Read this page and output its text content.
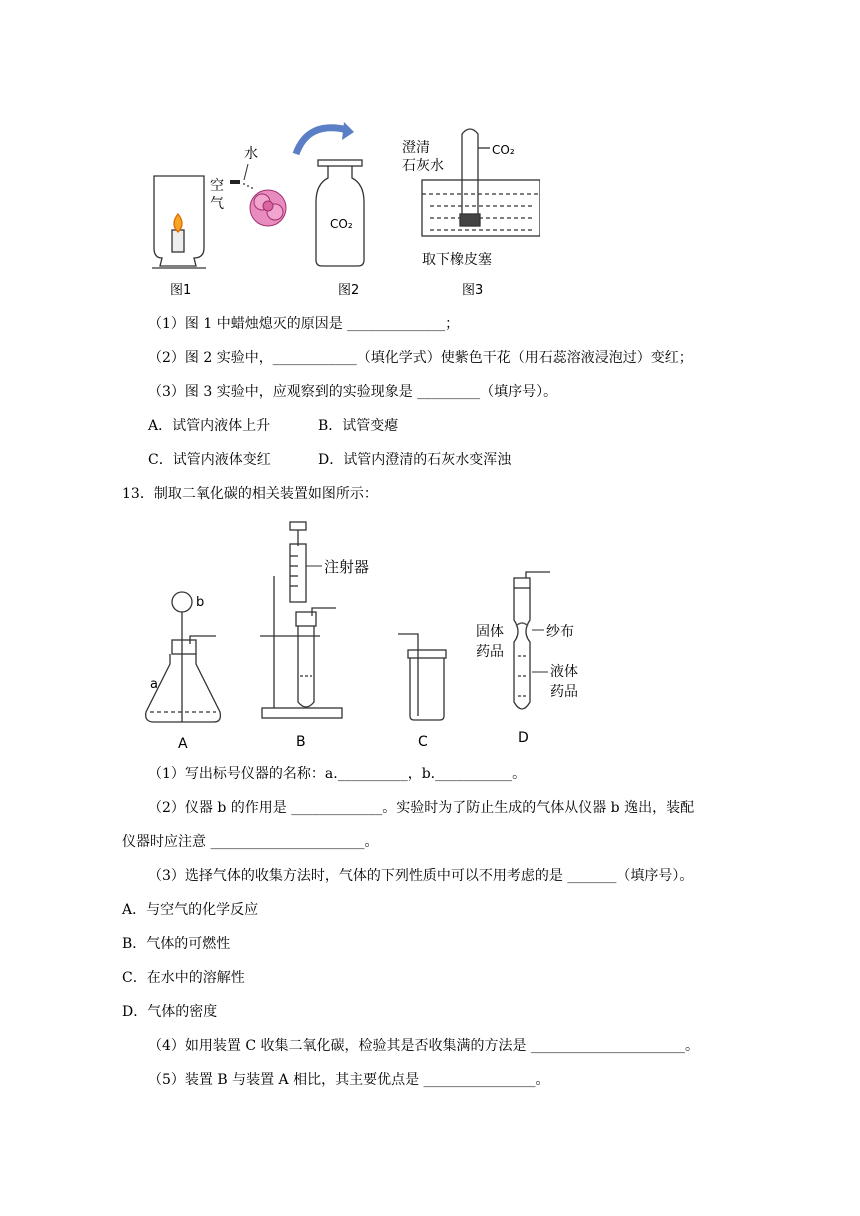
空
气
图1
水
CO₂
图2
澄清
石灰水
CO₂
取下橡皮塞
图3
（1）图 1 中蜡烛熄灭的原因是 ______________；
（2）图 2 实验中，____________（填化学式）使紫色干花（用石蕊溶液浸泡过）变红；
（3）图 3 实验中，应观察到的实验现象是 _________（填序号）。
A．试管内液体上升	B．试管变瘪
C．试管内液体变红	D．试管内澄清的石灰水变浑浊
13．制取二氧化碳的相关装置如图所示：
b
a
A
注射器
B	C
固体
药品
纱布
液体
药品
D
（1）写出标号仪器的名称：a.__________，b.___________。
（2）仪器 b 的作用是 _____________。实验时为了防止生成的气体从仪器 b 逸出，装配
仪器时应注意 ______________________。
（3）选择气体的收集方法时，气体的下列性质中可以不用考虑的是 _______（填序号）。
A．与空气的化学反应
B．气体的可燃性
C．在水中的溶解性
D．气体的密度
（4）如用装置 C 收集二氧化碳，检验其是否收集满的方法是 ______________________。
（5）装置 B 与装置 A 相比，其主要优点是 ________________。
